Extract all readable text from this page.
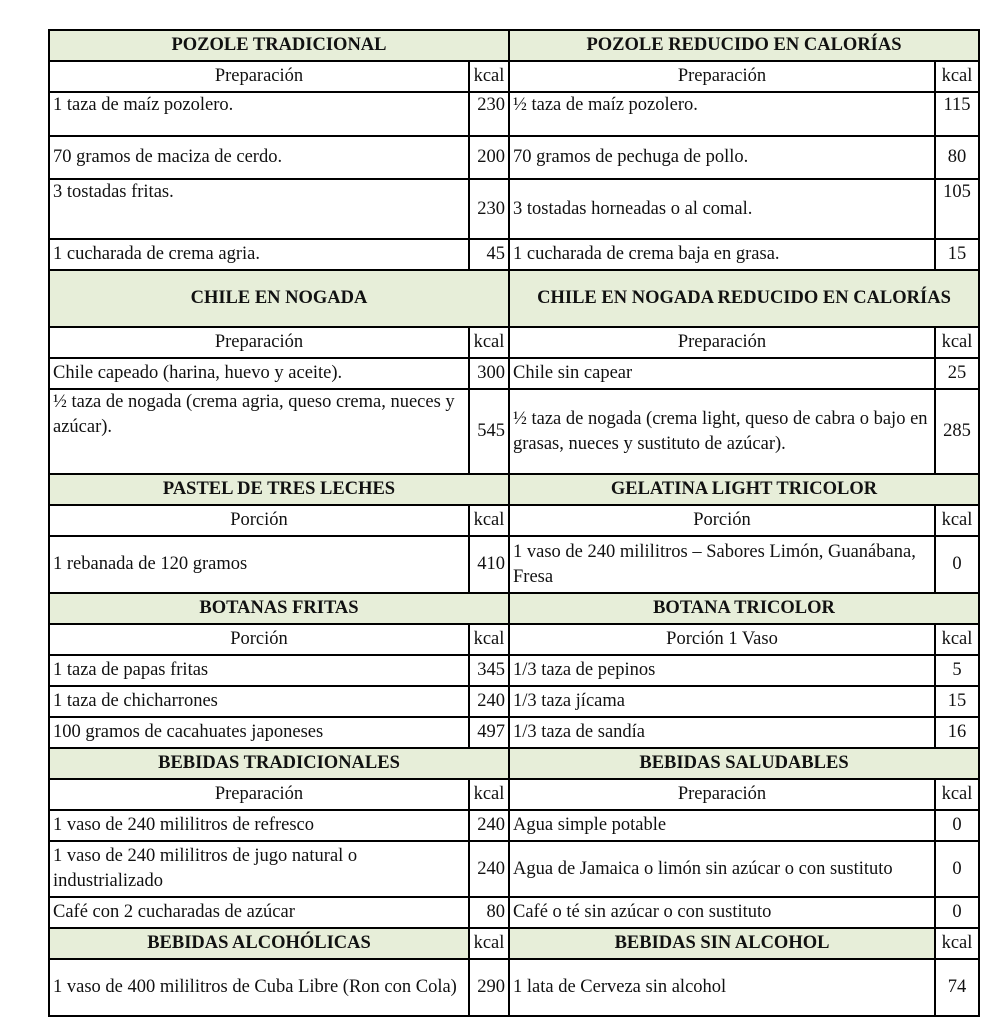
POZOLE TRADICIONAL		POZOLE REDUCIDO EN CALORÍAS	
Preparación	kcal	Preparación	kcal
1 taza de maíz pozolero.	230	½ taza de maíz pozolero.	115
70 gramos de maciza de cerdo.	200	70 gramos de pechuga de pollo.	80
3 tostadas fritas.	230	3 tostadas horneadas o al comal.	105
1 cucharada de crema agria.	45	1 cucharada de crema baja en grasa.	15
CHILE EN NOGADA		CHILE EN NOGADA REDUCIDO EN CALORÍAS	
Preparación	kcal	Preparación	kcal
Chile capeado (harina, huevo y aceite).	300	Chile sin capear	25
½ taza de nogada (crema agria, queso crema, nueces y azúcar).	545	½ taza de nogada (crema light, queso de cabra o bajo en grasas, nueces y sustituto de azúcar).	285
PASTEL DE TRES LECHES		GELATINA LIGHT TRICOLOR	
Porción	kcal	Porción	kcal
1 rebanada de 120 gramos	410	1 vaso de 240 mililitros – Sabores Limón, Guanábana, Fresa	0
BOTANAS FRITAS		BOTANA TRICOLOR	
Porción	kcal	Porción 1 Vaso	kcal
1 taza de papas fritas	345	1/3 taza de pepinos	5
1 taza de chicharrones	240	1/3 taza jícama	15
100 gramos de cacahuates japoneses	497	1/3 taza de sandía	16
BEBIDAS TRADICIONALES		BEBIDAS SALUDABLES	
Preparación	kcal	Preparación	kcal
1 vaso de 240 mililitros de refresco	240	Agua simple potable	0
1 vaso de 240 mililitros de jugo natural o industrializado	240	Agua de Jamaica o limón sin azúcar o con sustituto	0
Café con 2 cucharadas de azúcar	80	Café o té sin azúcar o con sustituto	0
BEBIDAS ALCOHÓLICAS	kcal	BEBIDAS SIN ALCOHOL	kcal
1 vaso de 400 mililitros de Cuba Libre (Ron con Cola)	290	1 lata de Cerveza sin alcohol	74
